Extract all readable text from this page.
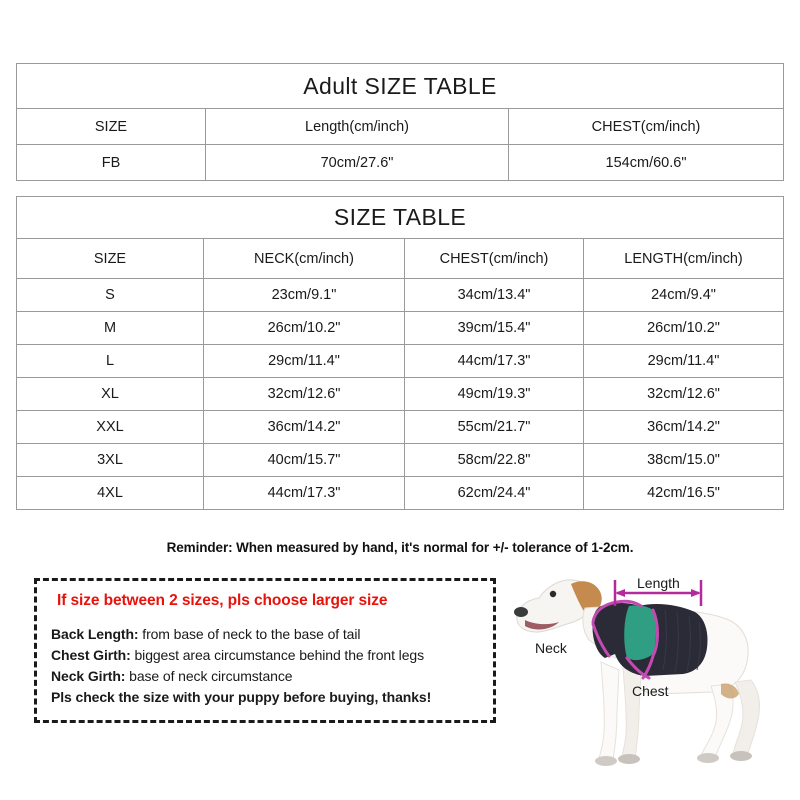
Adult SIZE TABLE		
SIZE	Length(cm/inch)	CHEST(cm/inch)
FB	70cm/27.6"	154cm/60.6"
SIZE TABLE			
SIZE	NECK(cm/inch)	CHEST(cm/inch)	LENGTH(cm/inch)
S	23cm/9.1"	34cm/13.4"	24cm/9.4"
M	26cm/10.2"	39cm/15.4"	26cm/10.2"
L	29cm/11.4"	44cm/17.3"	29cm/11.4"
XL	32cm/12.6"	49cm/19.3"	32cm/12.6"
XXL	36cm/14.2"	55cm/21.7"	36cm/14.2"
3XL	40cm/15.7"	58cm/22.8"	38cm/15.0"
4XL	44cm/17.3"	62cm/24.4"	42cm/16.5"
Reminder: When measured by hand, it's normal for +/- tolerance of 1-2cm.
If size between 2 sizes, pls choose larger size
Back Length: from base of neck to the base of tail
Chest Girth: biggest area circumstance behind the front legs
Neck Girth: base of neck circumstance
Pls check the size with your puppy before buying, thanks!
Neck
Chest
Length
